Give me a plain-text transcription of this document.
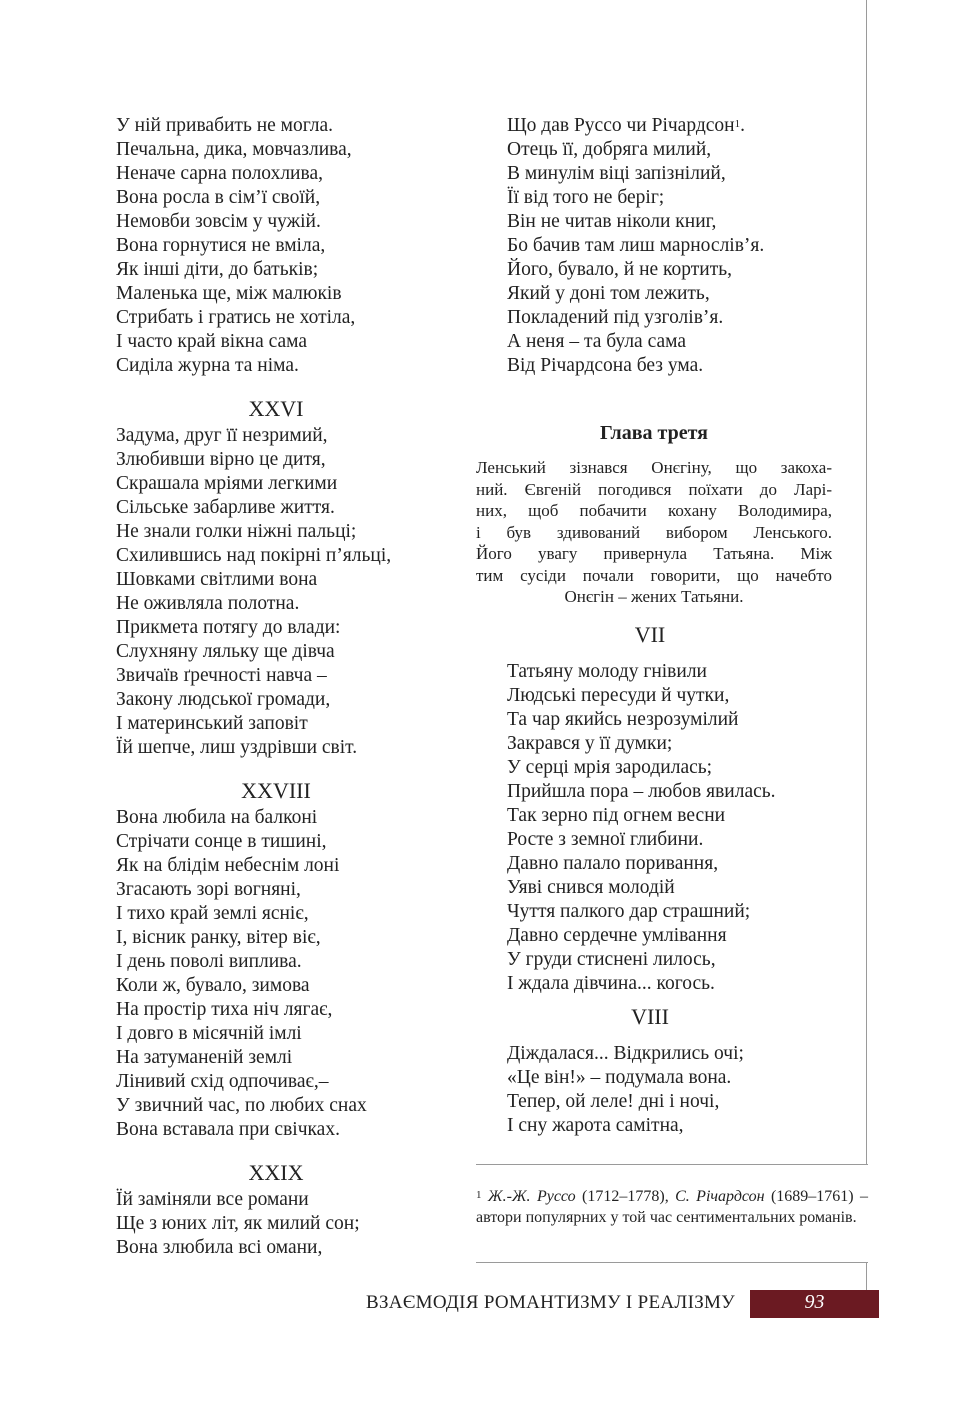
У ній привабить не могла.
Печальна, дика, мовчазлива,
Неначе сарна полохлива,
Вона росла в сім’ї своїй,
Немовби зовсім у чужій.
Вона горнутися не вміла,
Як інші діти, до батьків;
Маленька ще, між малюків
Стрибать і гратись не хотіла,
І часто край вікна сама
Сиділа журна та німа.
XXVI
Задума, друг її незримий,
Злюбивши вірно це дитя,
Скрашала мріями легкими
Сільське забарливе життя.
Не знали голки ніжні пальці;
Схилившись над покірні п’яльці,
Шовками світлими вона
Не оживляла полотна.
Прикмета потягу до влади:
Слухняну ляльку ще дівча
Звичаїв ґречності навча –
Закону людської громади,
І материнський заповіт
Їй шепче, лиш уздрівши світ.
XXVIII
Вона любила на балконі
Стрічати сонце в тишині,
Як на блідім небеснім лоні
Згасають зорі вогняні,
І тихо край землі ясніє,
І, вісник ранку, вітер віє,
І день поволі виплива.
Коли ж, бувало, зимова
На простір тиха ніч лягає,
І довго в місячній імлі
На затуманеній землі
Лінивий схід одпочиває,–
У звичний час, по любих снах
Вона вставала при свічках.
XXIX
Їй заміняли все романи
Ще з юних літ, як милий сон;
Вона злюбила всі омани,
Що дав Руссо чи Річардсон$^1$.
Отець її, добряга милий,
В минулім віці запізнілий,
Її від того не беріг;
Він не читав ніколи книг,
Бо бачив там лиш марнослів’я.
Його, бувало, й не кортить,
Який у доні том лежить,
Покладений під узголів’я.
А неня – та була сама
Від Річардсона без ума.
Глава третя
Ленський зізнався Онєгіну, що закоха-
ний. Євгеній погодився поїхати до Ларі-
них, щоб побачити кохану Володимира,
і був здивований вибором Ленського.
Його увагу привернула Татьяна. Між
тим сусіди почали говорити, що начебто
Онєгін – жених Татьяни.
VII
Татьяну молоду гнівили
Людські пересуди й чутки,
Та чар якийсь незрозумілий
Закрався у її думки;
У серці мрія зародилась;
Прийшла пора – любов явилась.
Так зерно під огнем весни
Росте з земної глибини.
Давно палало поривання,
Уяві снився молодій
Чуття палкого дар страшний;
Давно сердечне умлівання
У груди стиснені лилось,
І ждала дівчина... когось.
VIII
Діждалася... Відкрились очі;
«Це він!» – подумала вона.
Тепер, ой леле! дні і ночі,
І сну жарота самітна,
$^1$ Ж.-Ж. Руссо (1712–1778), С. Річардсон (1689–1761) – автори популярних у той час сентиментальних романів.
ВЗАЄМОДІЯ РОМАНТИЗМУ І РЕАЛІЗМУ	93
